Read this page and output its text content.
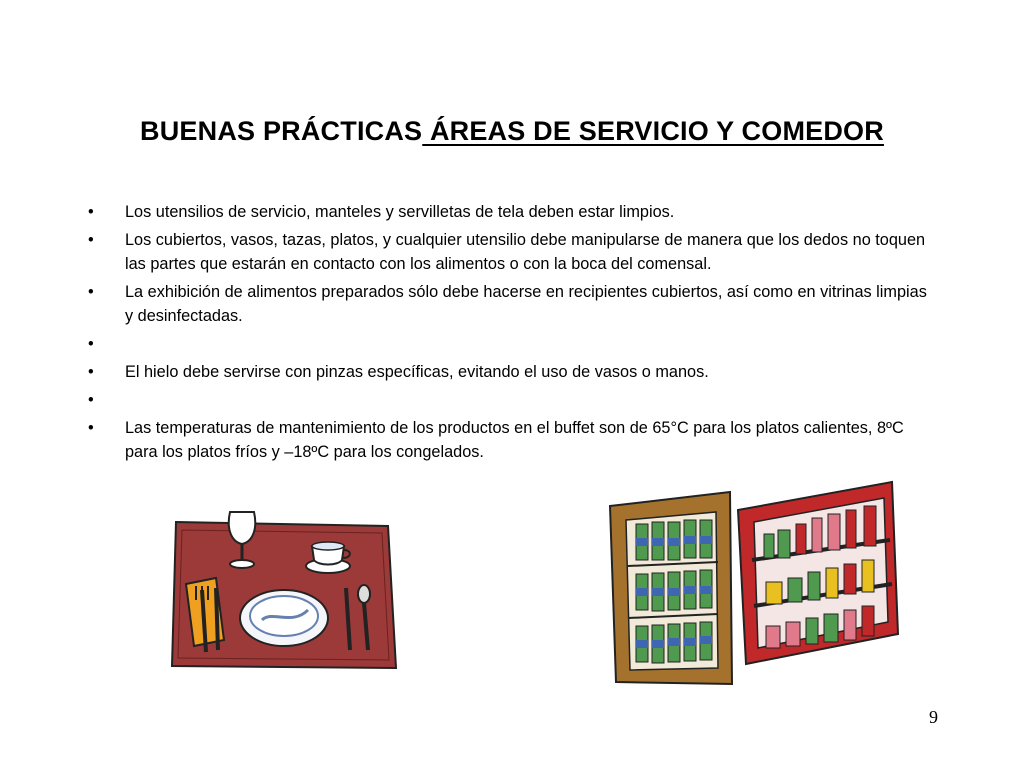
BUENAS PRÁCTICAS ÁREAS DE SERVICIO Y COMEDOR
• Los utensilios de servicio, manteles y servilletas de tela deben estar limpios.
• Los cubiertos, vasos, tazas, platos, y cualquier utensilio debe manipularse de manera que los dedos no toquen las partes que estarán en contacto con los alimentos o con la boca del comensal.
• La exhibición de alimentos preparados sólo debe hacerse en recipientes cubiertos, así como en vitrinas limpias y desinfectadas.
•
• El hielo debe servirse con pinzas específicas, evitando el uso de vasos o manos.
•
• Las temperaturas de mantenimiento de los productos en el buffet son de 65°C para los platos calientes, 8ºC para los platos fríos y –18ºC para los congelados.
9
